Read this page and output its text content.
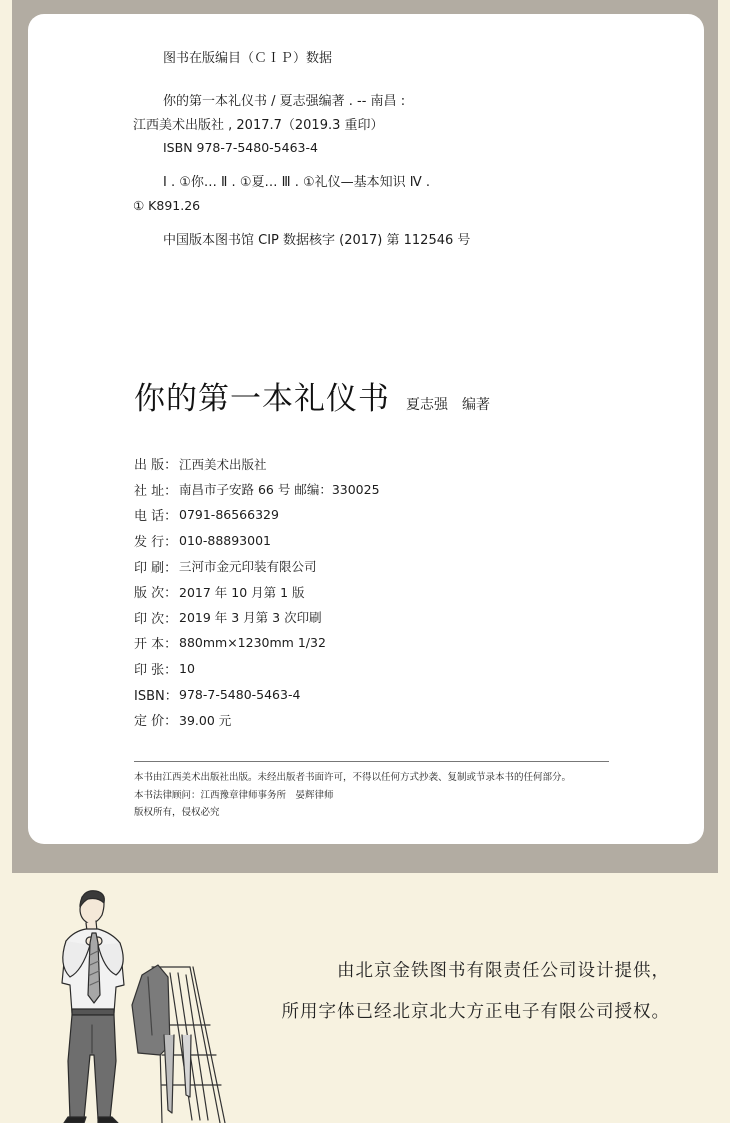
图书在版编目（ＣＩＰ）数据
你的第一本礼仪书 / 夏志强编著 . -- 南昌 :
江西美术出版社 , 2017.7（2019.3 重印）
ISBN 978-7-5480-5463-4
Ⅰ . ①你… Ⅱ . ①夏… Ⅲ . ①礼仪—基本知识 Ⅳ .
① K891.26
中国版本图书馆 CIP 数据核字 (2017) 第 112546 号
你的第一本礼仪书 夏志强　编著
出 版： 江西美术出版社
社 址： 南昌市子安路 66 号 邮编：330025
电 话： 0791-86566329
发 行： 010-88893001
印 刷： 三河市金元印装有限公司
版 次： 2017 年 10 月第 1 版
印 次： 2019 年 3 月第 3 次印刷
开 本： 880mm×1230mm 1/32
印 张： 10
ISBN： 978-7-5480-5463-4
定 价： 39.00 元
本书由江西美术出版社出版。未经出版者书面许可，不得以任何方式抄袭、复制或节录本书的任何部分。
本书法律顾问：江西豫章律师事务所　晏辉律师
版权所有，侵权必究
由北京金铁图书有限责任公司设计提供，
所用字体已经北京北大方正电子有限公司授权。
